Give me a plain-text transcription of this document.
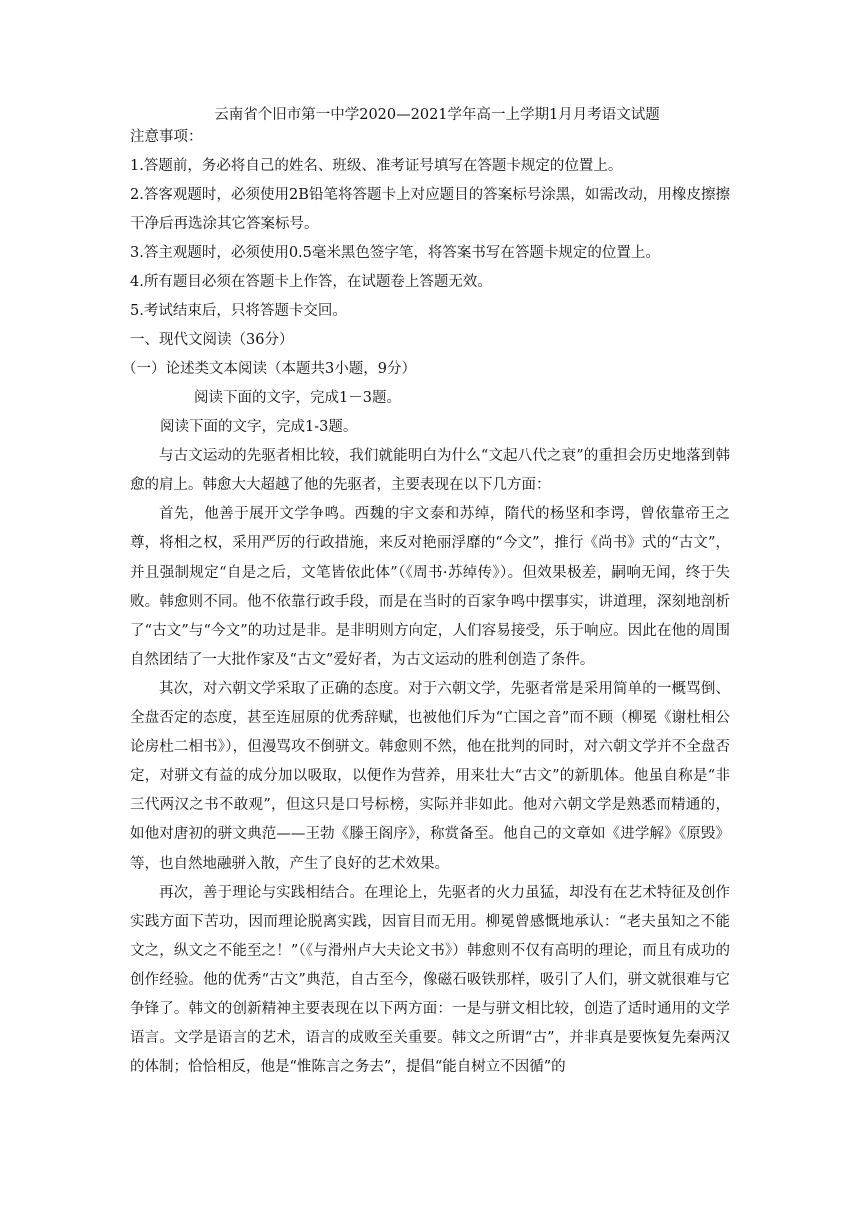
云南省个旧市第一中学2020—2021学年高一上学期1月月考语文试题

注意事项：

1.答题前，务必将自己的姓名、班级、准考证号填写在答题卡规定的位置上。

2.答客观题时，必须使用2B铅笔将答题卡上对应题目的答案标号涂黑，如需改动，用橡皮擦擦干净后再选涂其它答案标号。

3.答主观题时，必须使用0.5毫米黑色签字笔，将答案书写在答题卡规定的位置上。

4.所有题目必须在答题卡上作答，在试题卷上答题无效。

5.考试结束后，只将答题卡交回。

一、现代文阅读（36分）

（一）论述类文本阅读（本题共3小题，9分）

阅读下面的文字，完成1－3题。

阅读下面的文字，完成1-3题。

与古文运动的先驱者相比较，我们就能明白为什么“文起八代之衰”的重担会历史地落到韩愈的肩上。韩愈大大超越了他的先驱者，主要表现在以下几方面：

首先，他善于展开文学争鸣。西魏的宇文泰和苏绰，隋代的杨坚和李谔，曾依靠帝王之尊，将相之权，采用严厉的行政措施，来反对艳丽浮靡的“今文”，推行《尚书》式的“古文”，并且强制规定“自是之后，文笔皆依此体”（《周书·苏绰传》）。但效果极差，嗣响无闻，终于失败。韩愈则不同。他不依靠行政手段，而是在当时的百家争鸣中摆事实，讲道理，深刻地剖析了“古文”与“今文”的功过是非。是非明则方向定，人们容易接受，乐于响应。因此在他的周围自然团结了一大批作家及“古文”爱好者，为古文运动的胜利创造了条件。

其次，对六朝文学采取了正确的态度。对于六朝文学，先驱者常是采用简单的一概骂倒、全盘否定的态度，甚至连屈原的优秀辞赋，也被他们斥为“亡国之音”而不顾（柳冕《谢杜相公论房杜二相书》），但漫骂攻不倒骈文。韩愈则不然，他在批判的同时，对六朝文学并不全盘否定，对骈文有益的成分加以吸取，以便作为营养，用来壮大“古文”的新肌体。他虽自称是“非三代两汉之书不敢观”，但这只是口号标榜，实际并非如此。他对六朝文学是熟悉而精通的，如他对唐初的骈文典范——王勃《滕王阁序》，称赏备至。他自己的文章如《进学解》《原毁》等，也自然地融骈入散，产生了良好的艺术效果。

再次，善于理论与实践相结合。在理论上，先驱者的火力虽猛，却没有在艺术特征及创作实践方面下苦功，因而理论脱离实践，因盲目而无用。柳冕曾感慨地承认：“老夫虽知之不能文之，纵文之不能至之！”（《与滑州卢大夫论文书》）韩愈则不仅有高明的理论，而且有成功的创作经验。他的优秀“古文”典范，自古至今，像磁石吸铁那样，吸引了人们，骈文就很难与它争锋了。韩文的创新精神主要表现在以下两方面：一是与骈文相比较，创造了适时通用的文学语言。文学是语言的艺术，语言的成败至关重要。韩文之所谓“古”，并非真是要恢复先秦两汉的体制；恰恰相反，他是“惟陈言之务去”，提倡“能自树立不因循”的
